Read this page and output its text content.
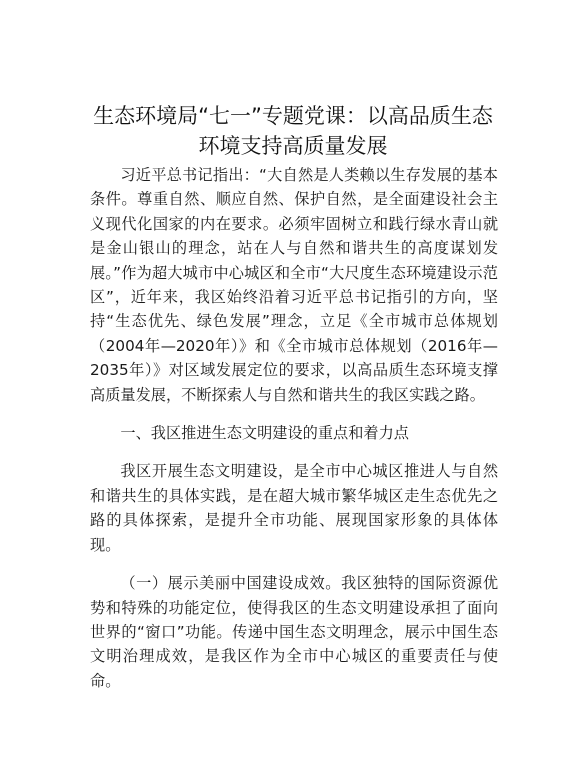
生态环境局“七一”专题党课：以高品质生态
环境支持高质量发展

习近平总书记指出：“大自然是人类赖以生存发展的基本条件。尊重自然、顺应自然、保护自然，是全面建设社会主义现代化国家的内在要求。必须牢固树立和践行绿水青山就是金山银山的理念，站在人与自然和谐共生的高度谋划发展。”作为超大城市中心城区和全市“大尺度生态环境建设示范区”，近年来，我区始终沿着习近平总书记指引的方向，坚持“生态优先、绿色发展”理念，立足《全市城市总体规划（2004年—2020年）》和《全市城市总体规划（2016年—2035年）》对区域发展定位的要求，以高品质生态环境支撑高质量发展，不断探索人与自然和谐共生的我区实践之路。

一、我区推进生态文明建设的重点和着力点

我区开展生态文明建设，是全市中心城区推进人与自然和谐共生的具体实践，是在超大城市繁华城区走生态优先之路的具体探索，是提升全市功能、展现国家形象的具体体现。

（一）展示美丽中国建设成效。我区独特的国际资源优势和特殊的功能定位，使得我区的生态文明建设承担了面向世界的“窗口”功能。传递中国生态文明理念，展示中国生态文明治理成效，是我区作为全市中心城区的重要责任与使命。
